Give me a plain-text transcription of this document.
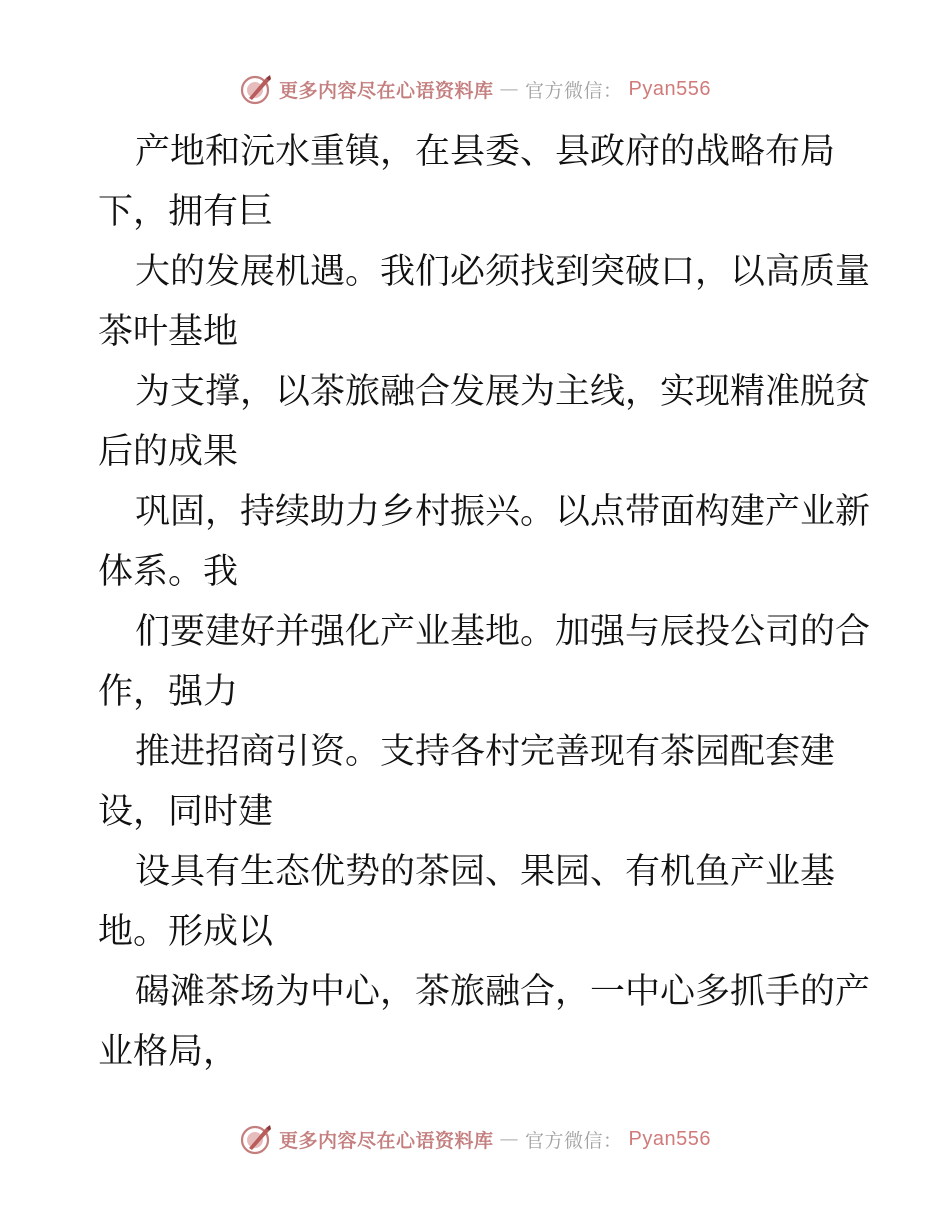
更多内容尽在心语资料库 — 官方微信： Pyan556
产地和沅水重镇，在县委、县政府的战略布局
下，拥有巨
大的发展机遇。我们必须找到突破口，以高质量
茶叶基地
为支撑，以茶旅融合发展为主线，实现精准脱贫
后的成果
巩固，持续助力乡村振兴。以点带面构建产业新
体系。我
们要建好并强化产业基地。加强与辰投公司的合
作，强力
推进招商引资。支持各村完善现有茶园配套建
设，同时建
设具有生态优势的茶园、果园、有机鱼产业基
地。形成以
碣滩茶场为中心，茶旅融合，一中心多抓手的产
业格局，
更多内容尽在心语资料库 — 官方微信： Pyan556
